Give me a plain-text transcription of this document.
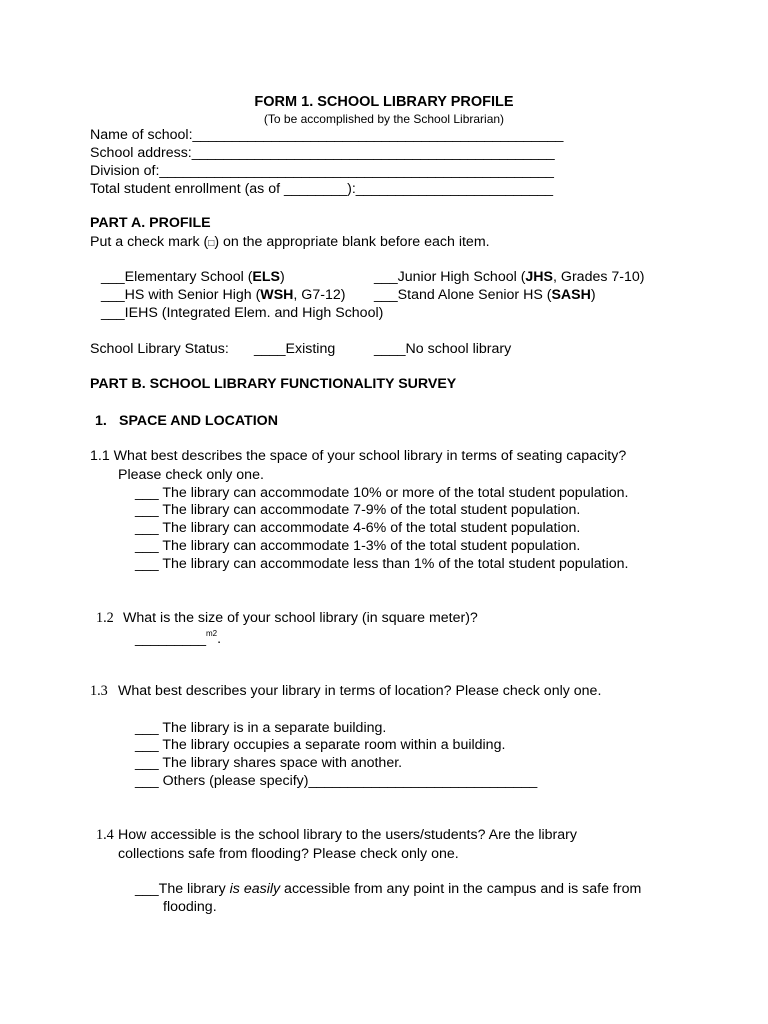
FORM 1. SCHOOL LIBRARY PROFILE
(To be accomplished by the School Librarian)
Name of school:_______________________________________________
School address:______________________________________________
Division of:__________________________________________________
Total student enrollment (as of ________):_________________________
PART A. PROFILE
Put a check mark (□) on the appropriate blank before each item.
___Elementary School (ELS)	___Junior High School (JHS, Grades 7-10)
___HS with Senior High (WSH, G7-12) ___Stand Alone Senior HS (SASH)
___IEHS (Integrated Elem. and High School)
School Library Status: ____Existing	____No school library
PART B. SCHOOL LIBRARY FUNCTIONALITY SURVEY
1. SPACE AND LOCATION
1.1 What best describes the space of your school library in terms of seating capacity?
Please check only one.
___ The library can accommodate 10% or more of the total student population.
___ The library can accommodate 7-9% of the total student population.
___ The library can accommodate 4-6% of the total student population.
___ The library can accommodate 1-3% of the total student population.
___ The library can accommodate less than 1% of the total student population.
1.2 What is the size of your school library (in square meter)?
_________$^{m2}$.
1.3 What best describes your library in terms of location? Please check only one.
___ The library is in a separate building.
___ The library occupies a separate room within a building.
___ The library shares space with another.
___ Others (please specify)_____________________________
1.4 How accessible is the school library to the users/students? Are the library
collections safe from flooding? Please check only one.
___The library is easily accessible from any point in the campus and is safe from
flooding.
